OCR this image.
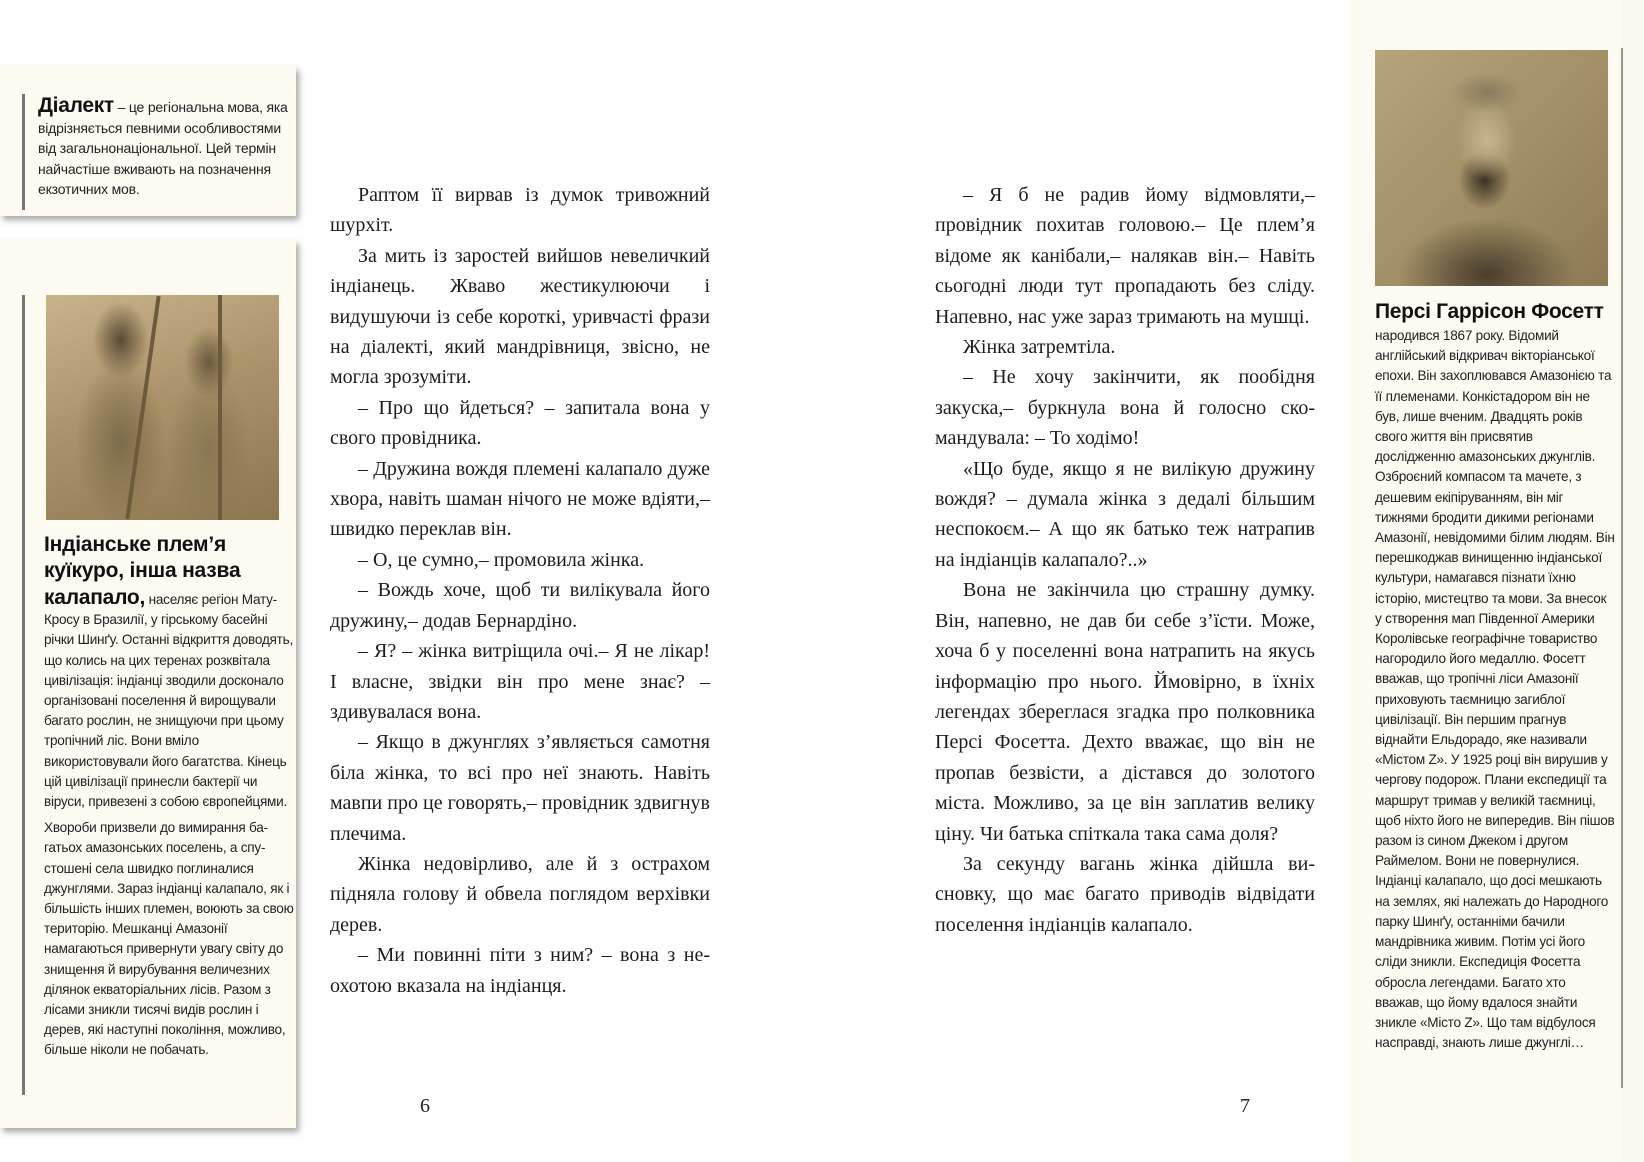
Діалект – це регіональна мова, яка відрізняється певними особливостями від загальнонаціональної. Цей термін найчастіше вживають на позначення екзотичних мов.
Індіанське плем’я куїкуро, інша назва

калапало, населяє регіон Мату-Кросу в Бразилії, у гірському басейні річки Шинґу. Останні відкриття доводять, що колись на цих теренах розквітала цивілізація: індіанці зводили досконало організовані поселення й вирощували багато рослин, не знищуючи при цьому тропічний ліс. Вони вміло використовували його багатства. Кінець цій цивілізації принесли бактерії чи віруси, привезені з собою європейцями.

Хвороби призвели до вимирання багатьох амазонських поселень, а спустошені села швидко поглиналися джунглями. Зараз індіанці калапало, як і більшість інших племен, воюють за свою територію. Мешканці Амазонії намагаються привернути увагу світу до знищення й вирубування величезних ділянок екваторіальних лісів. Разом з лісами зникли тисячі видів рослин і дерев, які наступні покоління, можливо, більше ніколи не побачать.

Раптом її вирвав із думок тривожний шурхіт.

За мить із заростей вийшов невеличкий індіанець. Жваво жестикулюючи і видушуючи із себе короткі, уривчасті фрази на діалекті, який мандрівниця, звісно, не могла зрозуміти.

– Про що йдеться? – запитала вона у свого провідника.

– Дружина вождя племені калапало дуже хвора, навіть шаман нічого не може вдіяти,– швидко переклав він.

– О, це сумно,– промовила жінка.

– Вождь хоче, щоб ти вилікувала його дружину,– додав Бернардіно.

– Я? – жінка витріщила очі.– Я не лікар! І власне, звідки він про мене знає? – здивувалася вона.

– Якщо в джунглях з’являється самотня біла жінка, то всі про неї знають. Навіть мавпи про це говорять,– провідник здвигнув плечима.

Жінка недовірливо, але й з острахом підняла голову й обвела поглядом верхівки дерев.

– Ми повинні піти з ним? – вона з неохотою вказала на індіанця.

6

– Я б не радив йому відмовляти,– провідник похитав головою.– Це плем’я відоме як канібали,– налякав він.– Навіть сьогодні люди тут пропадають без сліду. Напевно, нас уже зараз тримають на мушці.

Жінка затремтіла.

– Не хочу закінчити, як пообідня закуска,– буркнула вона й голосно скомандувала: – То ходімо!

«Що буде, якщо я не вилікую дружину вождя? – думала жінка з дедалі більшим неспокоєм.– А що як батько теж натрапив на індіанців калапало?..»

Вона не закінчила цю страшну думку. Він, напевно, не дав би себе з’їсти. Може, хоча б у поселенні вона натрапить на якусь інформацію про нього. Ймовірно, в їхніх легендах збереглася згадка про полковника Персі Фосетта. Дехто вважає, що він не пропав безвісти, а дістався до золотого міста. Можливо, за це він заплатив велику ціну. Чи батька спіткала така сама доля?

За секунду вагань жінка дійшла висновку, що має багато приводів відвідати поселення індіанців калапало.

7
Персі Гаррісон Фосетт
народився 1867 року. Відомий англійський відкривач вікторіанської епохи. Він захоплювався Амазонією та її племенами. Конкістадором він не був, лише вченим. Двадцять років свого життя він присвятив дослідженню амазонських джунглів. Озброєний компасом та мачете, з дешевим екіпіруванням, він міг тижнями бродити дикими регіонами Амазонії, невідомими білим людям. Він перешкоджав винищенню індіанської культури, намагався пізнати їхню історію, мистецтво та мови. За внесок у створення мап Південної Америки Королівське географічне товариство нагородило його медаллю. Фосетт вважав, що тропічні ліси Амазонії приховують таємницю загиблої цивілізації. Він першим прагнув віднайти Ельдорадо, яке називали «Містом Z». У 1925 році він вирушив у чергову подорож. Плани експедиції та маршрут тримав у великій таємниці, щоб ніхто його не випередив. Він пішов разом із сином Джеком і другом Раймелом. Вони не повернулися. Індіанці калапало, що досі мешкають на землях, які належать до Народного парку Шинґу, останніми бачили мандрівника живим. Потім усі його сліди зникли. Експедиція Фосетта обросла легендами. Багато хто вважав, що йому вдалося знайти зникле «Місто Z». Що там відбулося насправді, знають лише джунглі…
